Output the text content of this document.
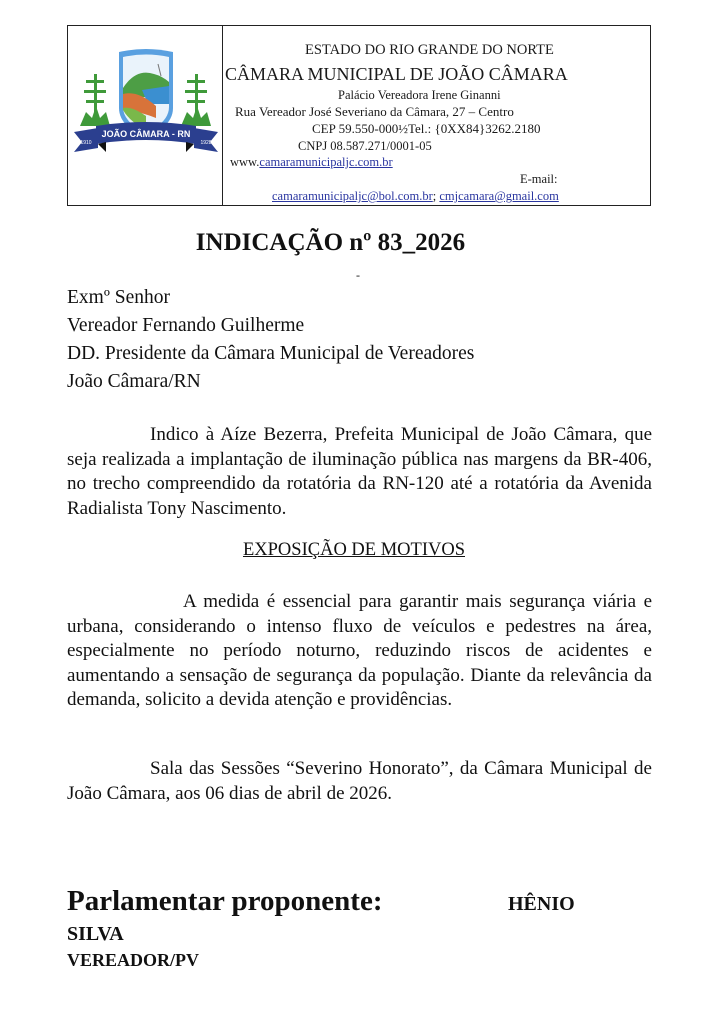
JOÃO CÂMARA - RN
1910	1928
ESTADO DO RIO GRANDE DO NORTE
CÂMARA MUNICIPAL DE JOÃO CÂMARA
Palácio Vereadora Irene Ginanni
Rua Vereador José Severiano da Câmara, 27 – Centro
CEP 59.550-000½Tel.: {0XX84}3262.2180
CNPJ 08.587.271/0001-05
www.camaramunicipaljc.com.br
E-mail:
camaramunicipaljc@bol.com.br; cmjcamara@gmail.com
INDICAÇÃO nº 83_2026
-
Exmº Senhor
Vereador Fernando Guilherme
DD. Presidente da Câmara Municipal de Vereadores
João Câmara/RN
Indico à Aíze Bezerra, Prefeita Municipal de João Câmara, que seja realizada a implantação de iluminação pública nas margens da BR-406, no trecho compreendido da rotatória da RN-120 até a rotatória da Avenida Radialista Tony Nascimento.
EXPOSIÇÃO DE MOTIVOS
A medida é essencial para garantir mais segurança viária e urbana, considerando o intenso fluxo de veículos e pedestres na área, especialmente no período noturno, reduzindo riscos de acidentes e aumentando a sensação de segurança da população. Diante da relevância da demanda, solicito a devida atenção e providências.
Sala das Sessões “Severino Honorato”, da Câmara Municipal de João Câmara, aos 06 dias de abril de 2026.
Parlamentar proponente:	HÊNIO
SILVA
VEREADOR/PV
